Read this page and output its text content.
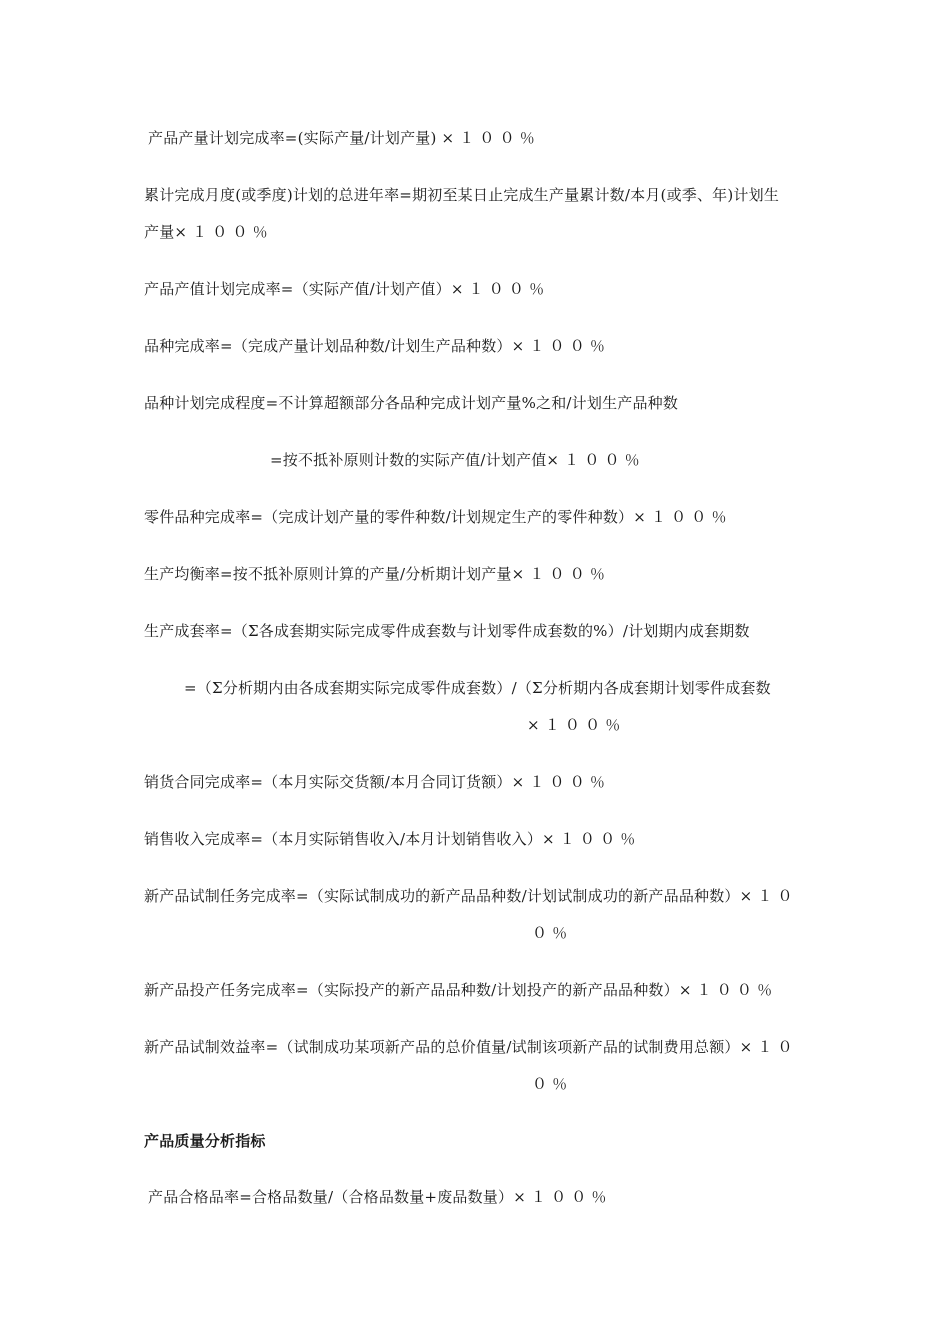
产品产量计划完成率=(实际产量/计划产量) × １ ０ ０ ％
累计完成月度(或季度)计划的总进年率=期初至某日止完成生产量累计数/本月(或季、年)计划生
产量× １ ０ ０ ％
产品产值计划完成率=（实际产值/计划产值）× １ ０ ０ ％
品种完成率=（完成产量计划品种数/计划生产品种数）× １ ０ ０ ％
品种计划完成程度=不计算超额部分各品种完成计划产量%之和/计划生产品种数
=按不抵补原则计数的实际产值/计划产值× １ ０ ０ ％
零件品种完成率=（完成计划产量的零件种数/计划规定生产的零件种数）× １ ０ ０ ％
生产均衡率=按不抵补原则计算的产量/分析期计划产量× １ ０ ０ ％
生产成套率=（Σ各成套期实际完成零件成套数与计划零件成套数的%）/计划期内成套期数
=（Σ分析期内由各成套期实际完成零件成套数）/（Σ分析期内各成套期计划零件成套数
× １ ０ ０ ％
销货合同完成率=（本月实际交货额/本月合同订货额）× １ ０ ０ ％
销售收入完成率=（本月实际销售收入/本月计划销售收入）× １ ０ ０ ％
新产品试制任务完成率=（实际试制成功的新产品品种数/计划试制成功的新产品品种数）× １ ０
０ ％
新产品投产任务完成率=（实际投产的新产品品种数/计划投产的新产品品种数）× １ ０ ０ ％
新产品试制效益率=（试制成功某项新产品的总价值量/试制该项新产品的试制费用总额）× １ ０
０ ％
产品质量分析指标
产品合格品率=合格品数量/（合格品数量+废品数量）× １ ０ ０ ％
